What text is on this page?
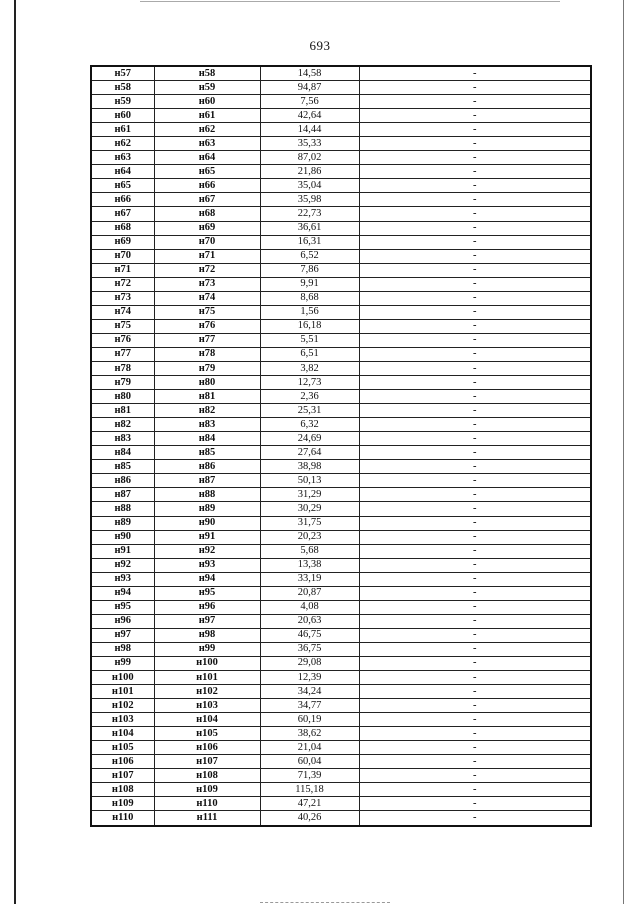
693
н57	н58	14,58	-
н58	н59	94,87	-
н59	н60	7,56	-
н60	н61	42,64	-
н61	н62	14,44	-
н62	н63	35,33	-
н63	н64	87,02	-
н64	н65	21,86	-
н65	н66	35,04	-
н66	н67	35,98	-
н67	н68	22,73	-
н68	н69	36,61	-
н69	н70	16,31	-
н70	н71	6,52	-
н71	н72	7,86	-
н72	н73	9,91	-
н73	н74	8,68	-
н74	н75	1,56	-
н75	н76	16,18	-
н76	н77	5,51	-
н77	н78	6,51	-
н78	н79	3,82	-
н79	н80	12,73	-
н80	н81	2,36	-
н81	н82	25,31	-
н82	н83	6,32	-
н83	н84	24,69	-
н84	н85	27,64	-
н85	н86	38,98	-
н86	н87	50,13	-
н87	н88	31,29	-
н88	н89	30,29	-
н89	н90	31,75	-
н90	н91	20,23	-
н91	н92	5,68	-
н92	н93	13,38	-
н93	н94	33,19	-
н94	н95	20,87	-
н95	н96	4,08	-
н96	н97	20,63	-
н97	н98	46,75	-
н98	н99	36,75	-
н99	н100	29,08	-
н100	н101	12,39	-
н101	н102	34,24	-
н102	н103	34,77	-
н103	н104	60,19	-
н104	н105	38,62	-
н105	н106	21,04	-
н106	н107	60,04	-
н107	н108	71,39	-
н108	н109	115,18	-
н109	н110	47,21	-
н110	н111	40,26	-
